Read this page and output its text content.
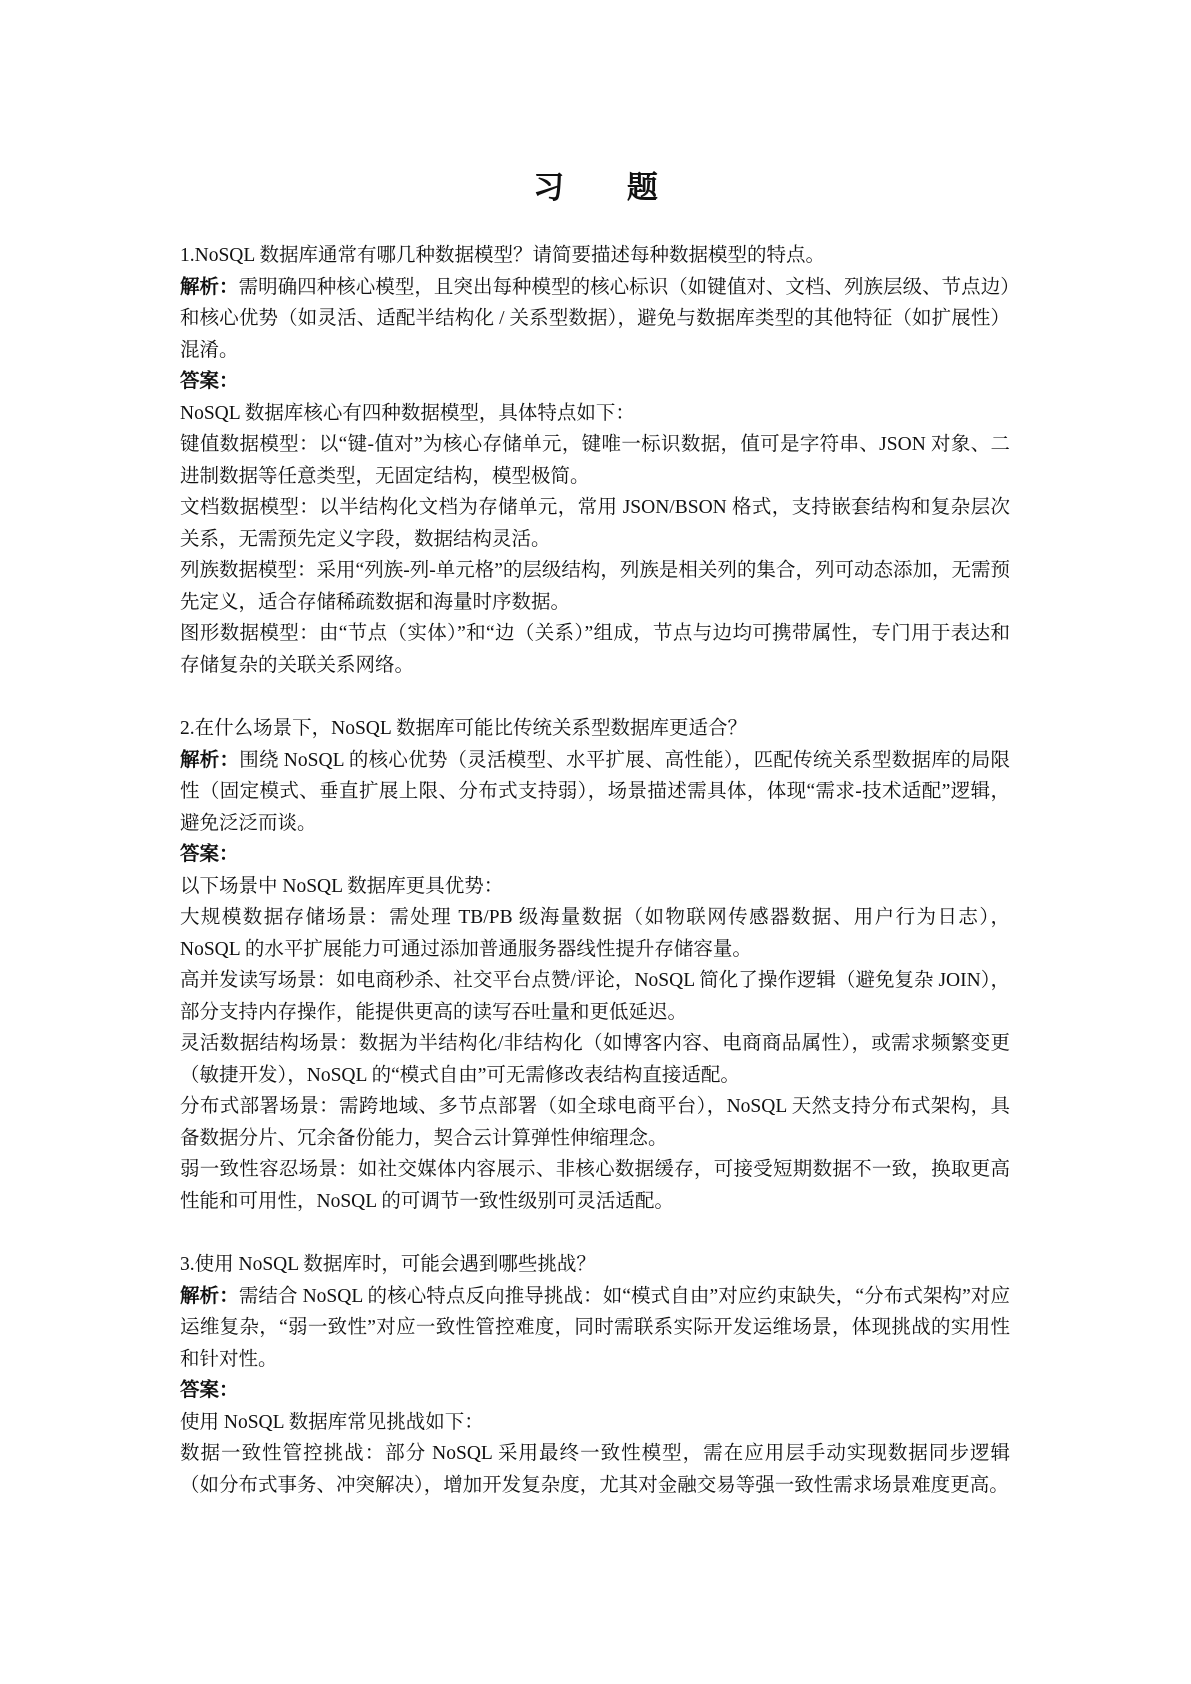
习 题

1.NoSQL 数据库通常有哪几种数据模型？请简要描述每种数据模型的特点。

解析：需明确四种核心模型，且突出每种模型的核心标识（如键值对、文档、列族层级、节点边）和核心优势（如灵活、适配半结构化 / 关系型数据），避免与数据库类型的其他特征（如扩展性）混淆。

答案：

NoSQL 数据库核心有四种数据模型，具体特点如下：

键值数据模型：以“键-值对”为核心存储单元，键唯一标识数据，值可是字符串、JSON 对象、二进制数据等任意类型，无固定结构，模型极简。

文档数据模型：以半结构化文档为存储单元，常用 JSON/BSON 格式，支持嵌套结构和复杂层次关系，无需预先定义字段，数据结构灵活。

列族数据模型：采用“列族-列-单元格”的层级结构，列族是相关列的集合，列可动态添加，无需预先定义，适合存储稀疏数据和海量时序数据。

图形数据模型：由“节点（实体）”和“边（关系）”组成，节点与边均可携带属性，专门用于表达和存储复杂的关联关系网络。

2.在什么场景下，NoSQL 数据库可能比传统关系型数据库更适合？

解析：围绕 NoSQL 的核心优势（灵活模型、水平扩展、高性能），匹配传统关系型数据库的局限性（固定模式、垂直扩展上限、分布式支持弱），场景描述需具体，体现“需求-技术适配”逻辑，避免泛泛而谈。

答案：

以下场景中 NoSQL 数据库更具优势：

大规模数据存储场景：需处理 TB/PB 级海量数据（如物联网传感器数据、用户行为日志），NoSQL 的水平扩展能力可通过添加普通服务器线性提升存储容量。

高并发读写场景：如电商秒杀、社交平台点赞/评论，NoSQL 简化了操作逻辑（避免复杂 JOIN），部分支持内存操作，能提供更高的读写吞吐量和更低延迟。

灵活数据结构场景：数据为半结构化/非结构化（如博客内容、电商商品属性），或需求频繁变更（敏捷开发），NoSQL 的“模式自由”可无需修改表结构直接适配。

分布式部署场景：需跨地域、多节点部署（如全球电商平台），NoSQL 天然支持分布式架构，具备数据分片、冗余备份能力，契合云计算弹性伸缩理念。

弱一致性容忍场景：如社交媒体内容展示、非核心数据缓存，可接受短期数据不一致，换取更高性能和可用性，NoSQL 的可调节一致性级别可灵活适配。

3.使用 NoSQL 数据库时，可能会遇到哪些挑战？

解析：需结合 NoSQL 的核心特点反向推导挑战：如“模式自由”对应约束缺失，“分布式架构”对应运维复杂，“弱一致性”对应一致性管控难度，同时需联系实际开发运维场景，体现挑战的实用性和针对性。

答案：

使用 NoSQL 数据库常见挑战如下：

数据一致性管控挑战：部分 NoSQL 采用最终一致性模型，需在应用层手动实现数据同步逻辑（如分布式事务、冲突解决），增加开发复杂度，尤其对金融交易等强一致性需求场景难度更高。
